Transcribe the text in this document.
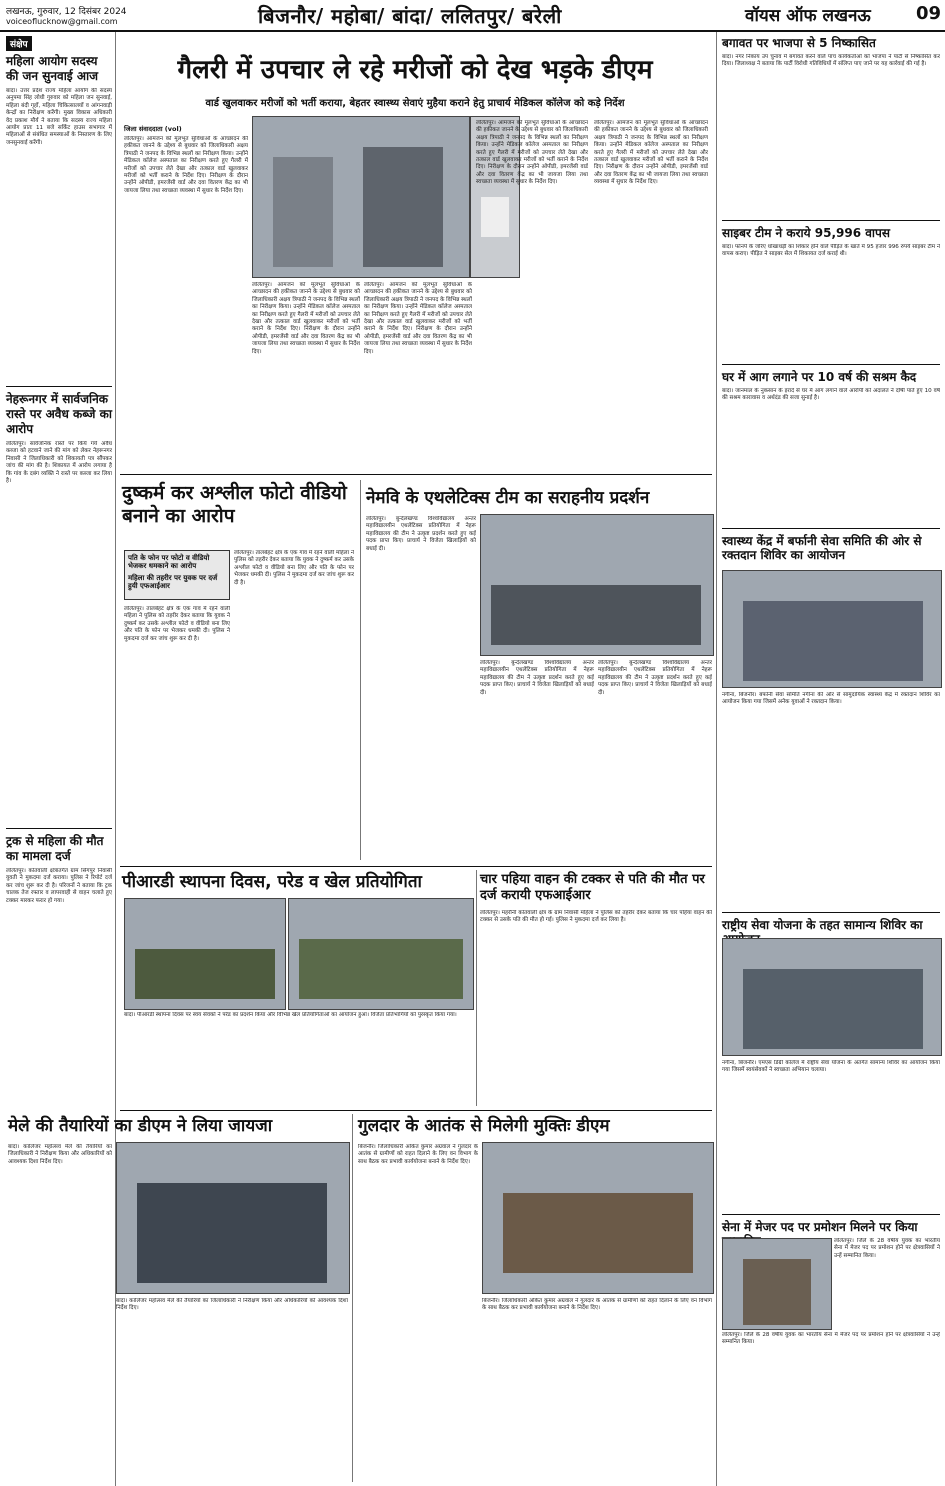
लखनऊ, गुरुवार, 12 दिसंबर 2024
voiceoflucknow@gmail.com	बिजनौर/ महोबा/ बांदा/ ललितपुर/ बरेली	वॉयस ऑफ लखनऊ	09
संक्षेप
महिला आयोग सदस्य की जन सुनवाई आज
बांदा। उत्तर प्रदेश राज्य महिला आयोग की सदस्य अनुपमा सिंह लोधी गुरुवार को महिला जन सुनवाई, महिला बंदी गृहों, महिला चिकित्सालयों व आंगनवाड़ी केन्द्रों का निरीक्षण करेंगी। मुख्य विकास अधिकारी वेद प्रकाश मौर्य ने बताया कि सदस्य राज्य महिला आयोग प्रातः 11 बजे सर्किट हाउस सभागार में महिलाओं से संबंधित समस्याओं के निस्तारण के लिए जनसुनवाई करेंगी।
नेहरूनगर में सार्वजनिक रास्ते पर अवैध कब्जे का आरोप
ललितपुर। सार्वजनिक रास्ते पर किये गये अवैध कब्जा को हटवाने जाने की मांग को लेकर नेहरूनगर निवासी ने जिलाधिकारी को शिकायती पत्र सौंपकर जांच की मांग की है। शिकायत में आरोप लगाया है कि गांव के दबंग व्यक्ति ने रास्ते पर कब्जा कर लिया है।
ट्रक से महिला की मौत का मामला दर्ज
ललितपुर। कोतवाली क्षेत्रांतर्गत ग्राम सिंगपुर निवासी युवती ने मुकदमा दर्ज कराया। पुलिस ने रिपोर्ट दर्ज कर जांच शुरू कर दी है। परिजनों ने बताया कि ट्रक चालक तेज रफ्तार व लापरवाही से वाहन चलाते हुए टक्कर मारकर फरार हो गया।
गैलरी में उपचार ले रहे मरीजों को देख भड़के डीएम
वार्ड खुलवाकर मरीजों को भर्ती कराया, बेहतर स्वास्थ्य सेवाएं मुहैया कराने हेतु प्राचार्य मेडिकल कॉलेज को कड़े निर्देश
जिला संवाददाता (vol)
ललितपुर। आमजन को मूलभूत सुविधाओं के आच्छादन की हकीकत जानने के उद्देश्य से बुधवार को जिलाधिकारी अक्षय त्रिपाठी ने जनपद के विभिन्न स्थलों का निरीक्षण किया। उन्होंने मेडिकल कॉलेज अस्पताल का निरीक्षण करते हुए गैलरी में मरीजों को उपचार लेते देखा और तत्काल वार्ड खुलवाकर मरीजों को भर्ती कराने के निर्देश दिए। निरीक्षण के दौरान उन्होंने ओपीडी, इमरजेंसी वार्ड और दवा वितरण केंद्र का भी जायजा लिया तथा स्वच्छता व्यवस्था में सुधार के निर्देश दिए।
ललितपुर। आमजन को मूलभूत सुविधाओं के आच्छादन की हकीकत जानने के उद्देश्य से बुधवार को जिलाधिकारी अक्षय त्रिपाठी ने जनपद के विभिन्न स्थलों का निरीक्षण किया। उन्होंने मेडिकल कॉलेज अस्पताल का निरीक्षण करते हुए गैलरी में मरीजों को उपचार लेते देखा और तत्काल वार्ड खुलवाकर मरीजों को भर्ती कराने के निर्देश दिए। निरीक्षण के दौरान उन्होंने ओपीडी, इमरजेंसी वार्ड और दवा वितरण केंद्र का भी जायजा लिया तथा स्वच्छता व्यवस्था में सुधार के निर्देश दिए।
ललितपुर। आमजन को मूलभूत सुविधाओं के आच्छादन की हकीकत जानने के उद्देश्य से बुधवार को जिलाधिकारी अक्षय त्रिपाठी ने जनपद के विभिन्न स्थलों का निरीक्षण किया। उन्होंने मेडिकल कॉलेज अस्पताल का निरीक्षण करते हुए गैलरी में मरीजों को उपचार लेते देखा और तत्काल वार्ड खुलवाकर मरीजों को भर्ती कराने के निर्देश दिए। निरीक्षण के दौरान उन्होंने ओपीडी, इमरजेंसी वार्ड और दवा वितरण केंद्र का भी जायजा लिया तथा स्वच्छता व्यवस्था में सुधार के निर्देश दिए।
ललितपुर। आमजन को मूलभूत सुविधाओं के आच्छादन की हकीकत जानने के उद्देश्य से बुधवार को जिलाधिकारी अक्षय त्रिपाठी ने जनपद के विभिन्न स्थलों का निरीक्षण किया। उन्होंने मेडिकल कॉलेज अस्पताल का निरीक्षण करते हुए गैलरी में मरीजों को उपचार लेते देखा और तत्काल वार्ड खुलवाकर मरीजों को भर्ती कराने के निर्देश दिए। निरीक्षण के दौरान उन्होंने ओपीडी, इमरजेंसी वार्ड और दवा वितरण केंद्र का भी जायजा लिया तथा स्वच्छता व्यवस्था में सुधार के निर्देश दिए।
ललितपुर। आमजन को मूलभूत सुविधाओं के आच्छादन की हकीकत जानने के उद्देश्य से बुधवार को जिलाधिकारी अक्षय त्रिपाठी ने जनपद के विभिन्न स्थलों का निरीक्षण किया। उन्होंने मेडिकल कॉलेज अस्पताल का निरीक्षण करते हुए गैलरी में मरीजों को उपचार लेते देखा और तत्काल वार्ड खुलवाकर मरीजों को भर्ती कराने के निर्देश दिए। निरीक्षण के दौरान उन्होंने ओपीडी, इमरजेंसी वार्ड और दवा वितरण केंद्र का भी जायजा लिया तथा स्वच्छता व्यवस्था में सुधार के निर्देश दिए।
दुष्कर्म कर अश्लील फोटो वीडियो बनाने का आरोप
पति के फोन पर फोटो व वीडियो भेजकर धमकाने का आरोप
महिला की तहरीर पर युवक पर दर्ज हुयी एफआईआर
ललितपुर। तालबेहट क्षेत्र के एक गांव में रहने वाली महिला ने पुलिस को तहरीर देकर बताया कि युवक ने दुष्कर्म कर उसके अश्लील फोटो व वीडियो बना लिए और पति के फोन पर भेजकर धमकी दी। पुलिस ने मुकदमा दर्ज कर जांच शुरू कर दी है।
ललितपुर। तालबेहट क्षेत्र के एक गांव में रहने वाली महिला ने पुलिस को तहरीर देकर बताया कि युवक ने दुष्कर्म कर उसके अश्लील फोटो व वीडियो बना लिए और पति के फोन पर भेजकर धमकी दी। पुलिस ने मुकदमा दर्ज कर जांच शुरू कर दी है।
नेमवि के एथलेटिक्स टीम का सराहनीय प्रदर्शन
ललितपुर। बुन्देलखण्ड विश्वविद्यालय अन्तर महाविद्यालयीन एथलेटिक्स प्रतियोगिता में नेहरू महाविद्यालय की टीम ने उत्कृष्ट प्रदर्शन करते हुए कई पदक प्राप्त किए। प्राचार्य ने विजेता खिलाड़ियों को बधाई दी।
ललितपुर। बुन्देलखण्ड विश्वविद्यालय अन्तर महाविद्यालयीन एथलेटिक्स प्रतियोगिता में नेहरू महाविद्यालय की टीम ने उत्कृष्ट प्रदर्शन करते हुए कई पदक प्राप्त किए। प्राचार्य ने विजेता खिलाड़ियों को बधाई दी।
ललितपुर। बुन्देलखण्ड विश्वविद्यालय अन्तर महाविद्यालयीन एथलेटिक्स प्रतियोगिता में नेहरू महाविद्यालय की टीम ने उत्कृष्ट प्रदर्शन करते हुए कई पदक प्राप्त किए। प्राचार्य ने विजेता खिलाड़ियों को बधाई दी।
पीआरडी स्थापना दिवस, परेड व खेल प्रतियोगिता
बांदा। पीआरडी स्थापना दिवस पर स्वयं सेवकों ने परेड का प्रदर्शन किया और विभिन्न खेल प्रतियोगिताओं का आयोजन हुआ। विजेता प्रतिभागियों को पुरस्कृत किया गया।
चार पहिया वाहन की टक्कर से पति की मौत पर दर्ज करायी एफआईआर
ललितपुर। महरौनी कोतवाली क्षेत्र के ग्राम निवासी महिला ने पुलिस को तहरीर देकर बताया कि चार पहिया वाहन की टक्कर से उसके पति की मौत हो गई। पुलिस ने मुकदमा दर्ज कर लिया है।
मेले की तैयारियों का डीएम ने लिया जायजा
बांदा। कालिंजर महोत्सव मेले की तैयारियों का जिलाधिकारी ने निरीक्षण किया और अधिकारियों को आवश्यक दिशा निर्देश दिए।
बांदा। कालिंजर महोत्सव मेले की तैयारियों का जिलाधिकारी ने निरीक्षण किया और अधिकारियों को आवश्यक दिशा निर्देश दिए।
गुलदार के आतंक से मिलेगी मुक्तिः डीएम
बिजनौर। जिलाधिकारी अंकित कुमार अग्रवाल ने गुलदार के आतंक से ग्रामीणों को राहत दिलाने के लिए वन विभाग के साथ बैठक कर प्रभावी कार्ययोजना बनाने के निर्देश दिए।
बिजनौर। जिलाधिकारी अंकित कुमार अग्रवाल ने गुलदार के आतंक से ग्रामीणों को राहत दिलाने के लिए वन विभाग के साथ बैठक कर प्रभावी कार्ययोजना बनाने के निर्देश दिए।
बगावत पर भाजपा से 5 निष्कासित
बांदा। नगर निकाय उप चुनाव में बगावत करने वाले पांच कार्यकर्ताओं को भाजपा ने पार्टी से निष्कासित कर दिया। जिलाध्यक्ष ने बताया कि पार्टी विरोधी गतिविधियों में संलिप्त पाए जाने पर यह कार्रवाई की गई है।
साइबर टीम ने कराये 95,996 वापस
बांदा। फोनपे के जरिए धोखाधड़ी का शिकार होने वाले पीड़ित के खाते में 95 हजार 996 रुपये साइबर टीम ने वापस कराए। पीड़ित ने साइबर सेल में शिकायत दर्ज कराई थी।
घर में आग लगाने पर 10 वर्ष की सश्रम कैद
बांदा। जानमाल के नुकसान के इरादे से घर में आग लगाने वाले आरोपी को अदालत ने दोषी पाते हुए 10 वर्ष की सश्रम कारावास व अर्थदंड की सजा सुनाई है।
स्वास्थ्य केंद्र में बर्फानी सेवा समिति की ओर से रक्तदान शिविर का आयोजन
नगीना, बिजनौर। बर्फानी सेवा समिति नगीना की ओर से सामुदायिक स्वास्थ्य केंद्र में रक्तदान शिविर का आयोजन किया गया जिसमें अनेक युवाओं ने रक्तदान किया।
राष्ट्रीय सेवा योजना के तहत सामान्य शिविर का
नगीना, बिजनौर। एमएस डिग्री कॉलेज में राष्ट्रीय सेवा योजना के अंतर्गत सामान्य शिविर का आयोजन किया गया जिसमें स्वयंसेवकों ने स्वच्छता अभियान चलाया।
सेना में मेजर पद पर प्रमोशन मिलने पर किया
ललितपुर। जिले के 28 वर्षीय युवक का भारतीय सेना में मेजर पद पर प्रमोशन होने पर क्षेत्रवासियों ने उन्हें सम्मानित किया।
ललितपुर। जिले के 28 वर्षीय युवक का भारतीय सेना में मेजर पद पर प्रमोशन होने पर क्षेत्रवासियों ने उन्हें सम्मानित किया।
